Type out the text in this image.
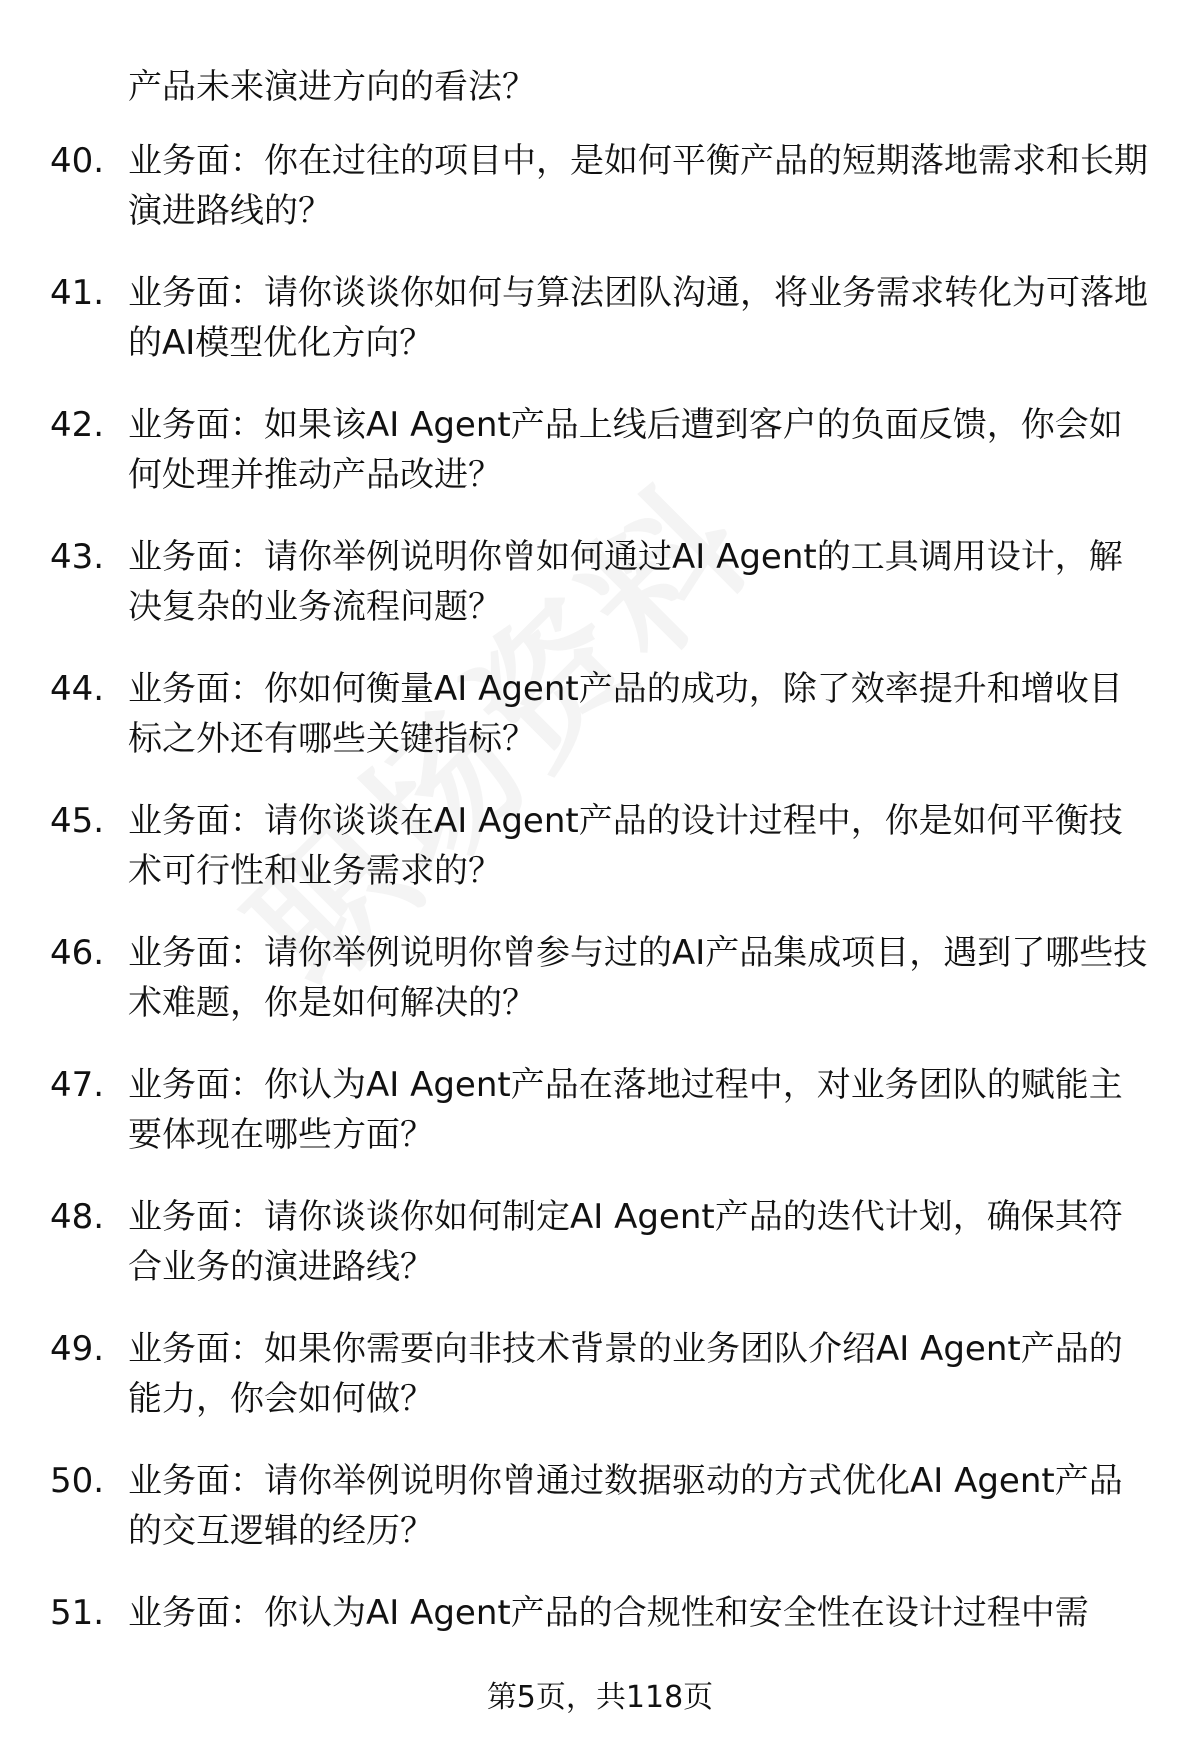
产品未来演进方向的看法？
40. 业务面：你在过往的项目中，是如何平衡产品的短期落地需求和长期演进路线的？
41. 业务面：请你谈谈你如何与算法团队沟通，将业务需求转化为可落地的AI模型优化方向？
42. 业务面：如果该AI Agent产品上线后遭到客户的负面反馈，你会如何处理并推动产品改进？
43. 业务面：请你举例说明你曾如何通过AI Agent的工具调用设计，解决复杂的业务流程问题？
44. 业务面：你如何衡量AI Agent产品的成功，除了效率提升和增收目标之外还有哪些关键指标？
45. 业务面：请你谈谈在AI Agent产品的设计过程中，你是如何平衡技术可行性和业务需求的？
46. 业务面：请你举例说明你曾参与过的AI产品集成项目，遇到了哪些技术难题，你是如何解决的？
47. 业务面：你认为AI Agent产品在落地过程中，对业务团队的赋能主要体现在哪些方面？
48. 业务面：请你谈谈你如何制定AI Agent产品的迭代计划，确保其符合业务的演进路线？
49. 业务面：如果你需要向非技术背景的业务团队介绍AI Agent产品的能力，你会如何做？
50. 业务面：请你举例说明你曾通过数据驱动的方式优化AI Agent产品的交互逻辑的经历？
51. 业务面：你认为AI Agent产品的合规性和安全性在设计过程中需
第5页，共118页
